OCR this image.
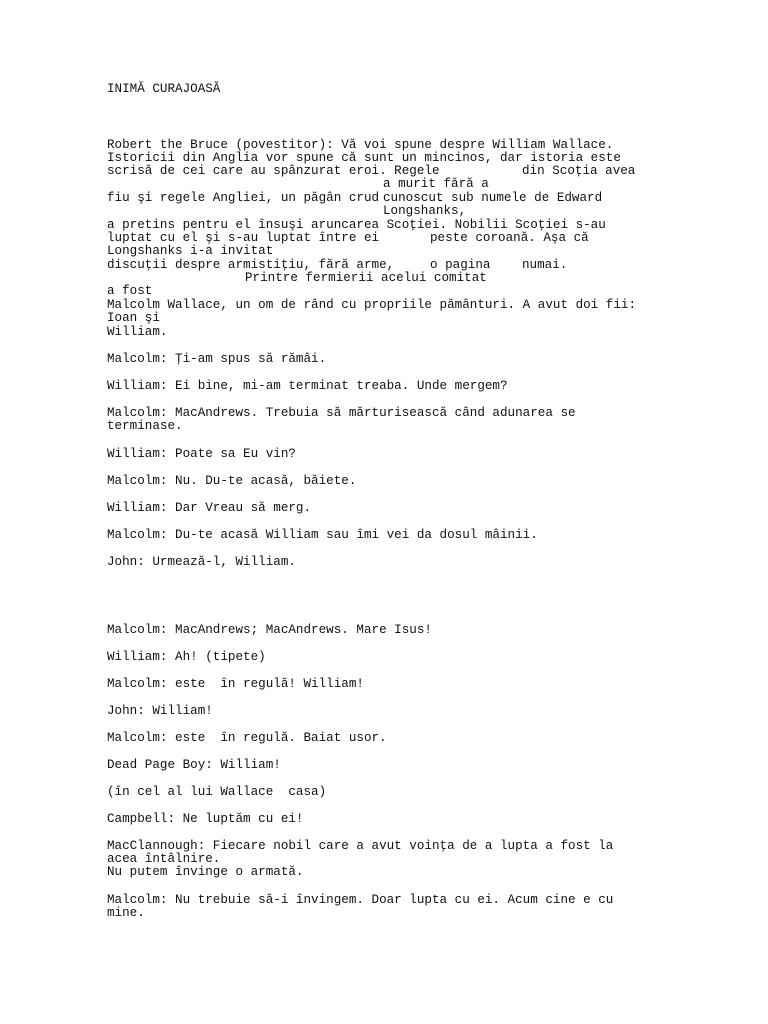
INIMĂ CURAJOASĂ
Robert the Bruce (povestitor): Vă voi spune despre William Wallace.
Istoricii din Anglia vor spune că sunt un mincinos, dar istoria este
scrisă de cei care au spânzurat eroi. Regele	din Scoţia avea
a murit fără a
fiu şi regele Angliei, un păgân crud cunoscut sub numele de Edward
Longshanks,
a pretins pentru el însuşi aruncarea Scoţiei. Nobilii Scoţiei s-au
luptat cu el şi s-au luptat între ei	peste coroană. Aşa că
Longshanks i-a invitat
discuţii despre armistiţiu, fără arme,	o pagina	numai.
Printre fermierii acelui comitat
a fost
Malcolm Wallace, un om de rând cu propriile pământuri. A avut doi fii:
Ioan şi
William.
Malcolm: Ţi-am spus să rămâi.
William: Ei bine, mi-am terminat treaba. Unde mergem?
Malcolm: MacAndrews. Trebuia să mărturisească când adunarea se
terminase.
William: Poate sa Eu vin?
Malcolm: Nu. Du-te acasă, băiete.
William: Dar Vreau să merg.
Malcolm: Du-te acasă William sau îmi vei da dosul mâinii.
John: Urmează-l, William.
Malcolm: MacAndrews; MacAndrews. Mare Isus!
William: Ah! (tipete)
Malcolm: este  în regulă! William!
John: William!
Malcolm: este  în regulă. Baiat usor.
Dead Page Boy: William!
(în cel al lui Wallace  casa)
Campbell: Ne luptăm cu ei!
MacClannough: Fiecare nobil care a avut voinţa de a lupta a fost la
acea întâlnire.
Nu putem învinge o armată.
Malcolm: Nu trebuie să-i învingem. Doar lupta cu ei. Acum cine e cu
mine.
